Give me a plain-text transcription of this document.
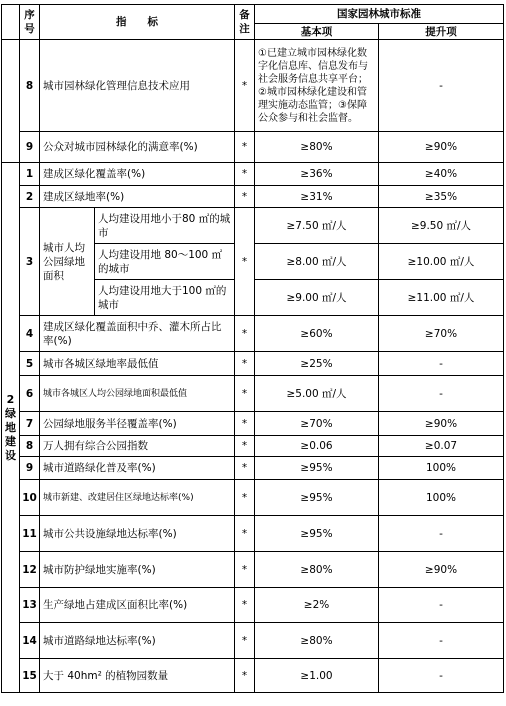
	序号	指　　标		备注	国家园林城市标准	
					基本项	提升项
	8	城市园林绿化管理信息技术应用		*	①已建立城市园林绿化数字化信息库、信息发布与社会服务信息共享平台；②城市园林绿化建设和管理实施动态监管；③保障公众参与和社会监督。	-
	9	公众对城市园林绿化的满意率(%)		*	≥80%	≥90%

2
绿地建设	1	建成区绿化覆盖率(%)		*	≥36%	≥40%
	2	建成区绿地率(%)		*	≥31%	≥35%
	3	城市人均公园绿地面积	人均建设用地小于80 ㎡的城市	*	≥7.50 ㎡/人	≥9.50 ㎡/人
			人均建设用地 80～100 ㎡的城市		≥8.00 ㎡/人	≥10.00 ㎡/人
			人均建设用地大于100 ㎡的城市		≥9.00 ㎡/人	≥11.00 ㎡/人
	4	建成区绿化覆盖面积中乔、灌木所占比率(%)		*	≥60%	≥70%
	5	城市各城区绿地率最低值		*	≥25%	-
	6	城市各城区人均公园绿地面积最低值		*	≥5.00 ㎡/人	-
	7	公园绿地服务半径覆盖率(%)		*	≥70%	≥90%
	8	万人拥有综合公园指数		*	≥0.06	≥0.07
	9	城市道路绿化普及率(%)		*	≥95%	100%
	10	城市新建、改建居住区绿地达标率(%)		*	≥95%	100%
	11	城市公共设施绿地达标率(%)		*	≥95%	-
	12	城市防护绿地实施率(%)		*	≥80%	≥90%
	13	生产绿地占建成区面积比率(%)		*	≥2%	-
	14	城市道路绿地达标率(%)		*	≥80%	-
	15	大于 40hm² 的植物园数量		*	≥1.00	-
